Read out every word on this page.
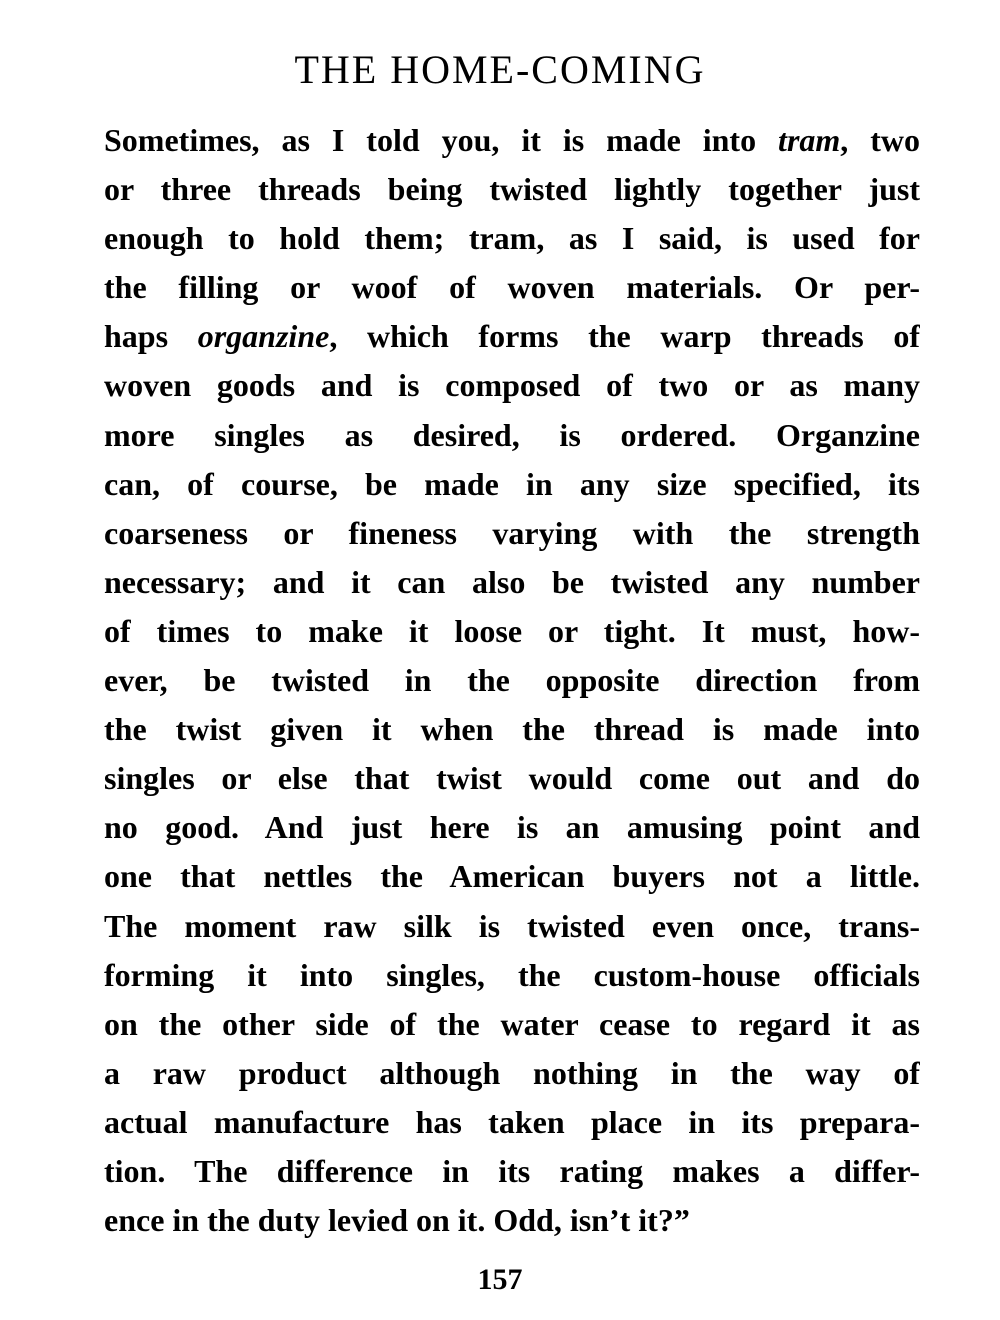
THE HOME-COMING
Sometimes, as I told you, it is made into tram, two
or three threads being twisted lightly together just
enough to hold them; tram, as I said, is used for
the filling or woof of woven materials. Or per-
haps organzine, which forms the warp threads of
woven goods and is composed of two or as many
more singles as desired, is ordered. Organzine
can, of course, be made in any size specified, its
coarseness or fineness varying with the strength
necessary; and it can also be twisted any number
of times to make it loose or tight. It must, how-
ever, be twisted in the opposite direction from
the twist given it when the thread is made into
singles or else that twist would come out and do
no good. And just here is an amusing point and
one that nettles the American buyers not a little.
The moment raw silk is twisted even once, trans-
forming it into singles, the custom-house officials
on the other side of the water cease to regard it as
a raw product although nothing in the way of
actual manufacture has taken place in its prepara-
tion. The difference in its rating makes a differ-
ence in the duty levied on it. Odd, isn’t it?”
157
